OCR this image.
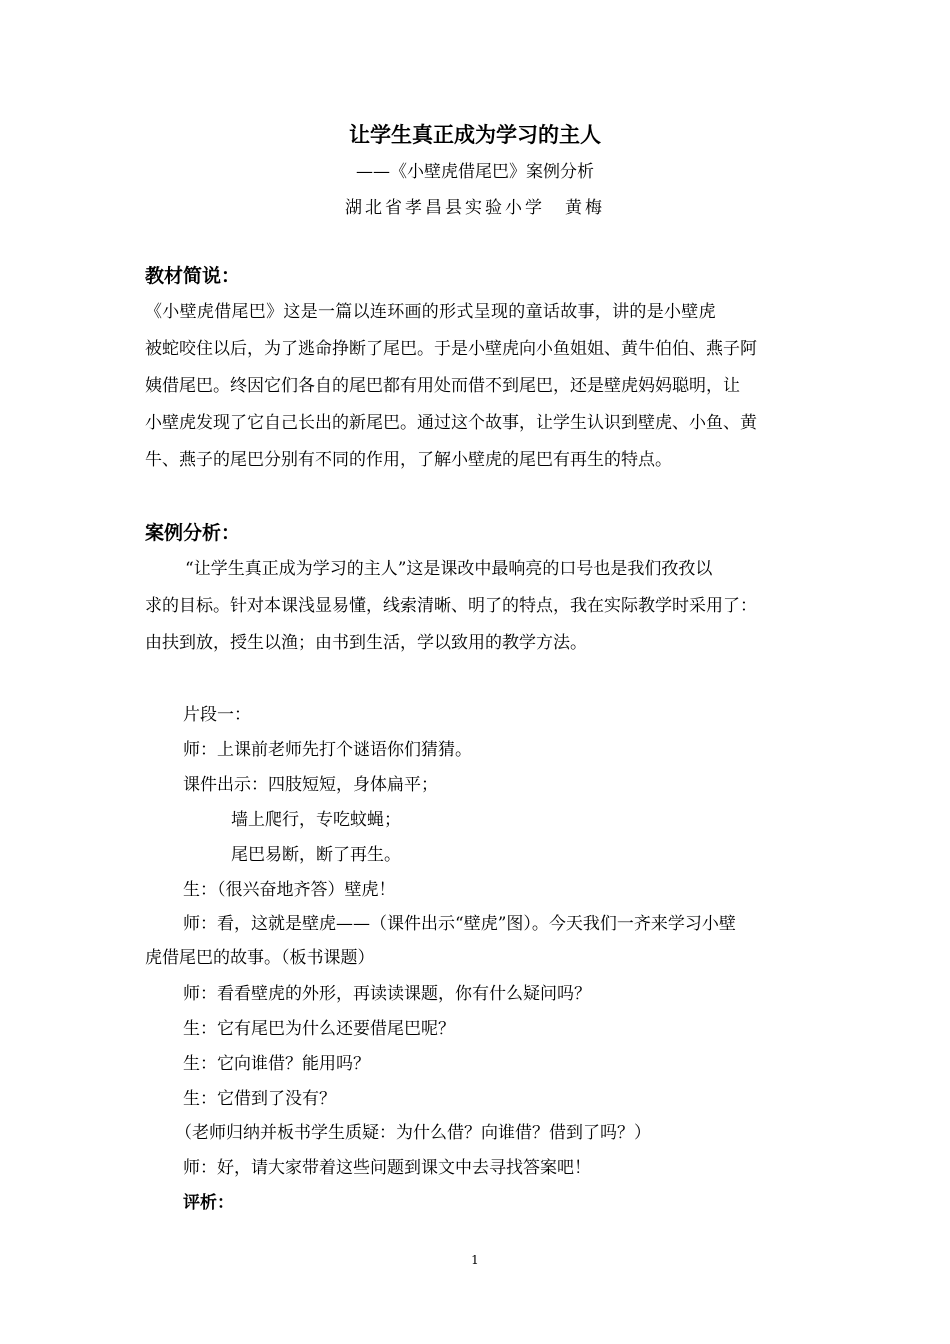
让学生真正成为学习的主人
——《小壁虎借尾巴》案例分析
湖北省孝昌县实验小学　黄梅
教材简说：
《小壁虎借尾巴》这是一篇以连环画的形式呈现的童话故事，讲的是小壁虎
被蛇咬住以后，为了逃命挣断了尾巴。于是小壁虎向小鱼姐姐、黄牛伯伯、燕子阿
姨借尾巴。终因它们各自的尾巴都有用处而借不到尾巴，还是壁虎妈妈聪明，让
小壁虎发现了它自己长出的新尾巴。通过这个故事，让学生认识到壁虎、小鱼、黄
牛、燕子的尾巴分别有不同的作用，了解小壁虎的尾巴有再生的特点。
案例分析：
“让学生真正成为学习的主人”这是课改中最响亮的口号也是我们孜孜以
求的目标。针对本课浅显易懂，线索清晰、明了的特点，我在实际教学时采用了：
由扶到放，授生以渔；由书到生活，学以致用的教学方法。
片段一：
师：上课前老师先打个谜语你们猜猜。
课件出示：四肢短短，身体扁平；
墙上爬行，专吃蚊蝇；
尾巴易断，断了再生。
生：（很兴奋地齐答）壁虎！
师：看，这就是壁虎——（课件出示“壁虎”图）。今天我们一齐来学习小壁
虎借尾巴的故事。（板书课题）
师：看看壁虎的外形，再读读课题，你有什么疑问吗？
生：它有尾巴为什么还要借尾巴呢？
生：它向谁借？能用吗？
生：它借到了没有？
（老师归纳并板书学生质疑：为什么借？向谁借？借到了吗？）
师：好，请大家带着这些问题到课文中去寻找答案吧！
评析：
1
